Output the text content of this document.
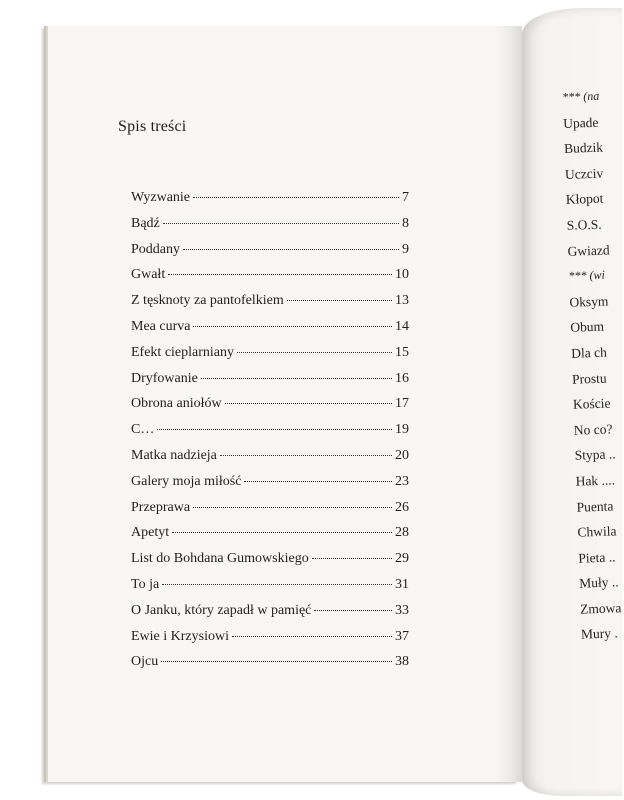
Spis treści
Wyzwanie	7
Bądź	8
Poddany	9
Gwałt	10
Z tęsknoty za pantofelkiem	13
Mea curva	14
Efekt cieplarniany	15
Dryfowanie	16
Obrona aniołów	17
C…	19
Matka nadzieja	20
Galery moja miłość	23
Przeprawa	26
Apetyt	28
List do Bohdana Gumowskiego	29
To ja	31
O Janku, który zapadł w pamięć	33
Ewie i Krzysiowi	37
Ojcu	38
*** (na
Upade
Budzik
Uczciv
Kłopot
S.O.S.
Gwiazd
*** (wi
Oksym
Obum
Dla ch
Prostu
Koście
No co?
Stypa ..
Hak ....
Puenta
Chwila
Pieta ..
Muły ..
Zmowa
Mury .
